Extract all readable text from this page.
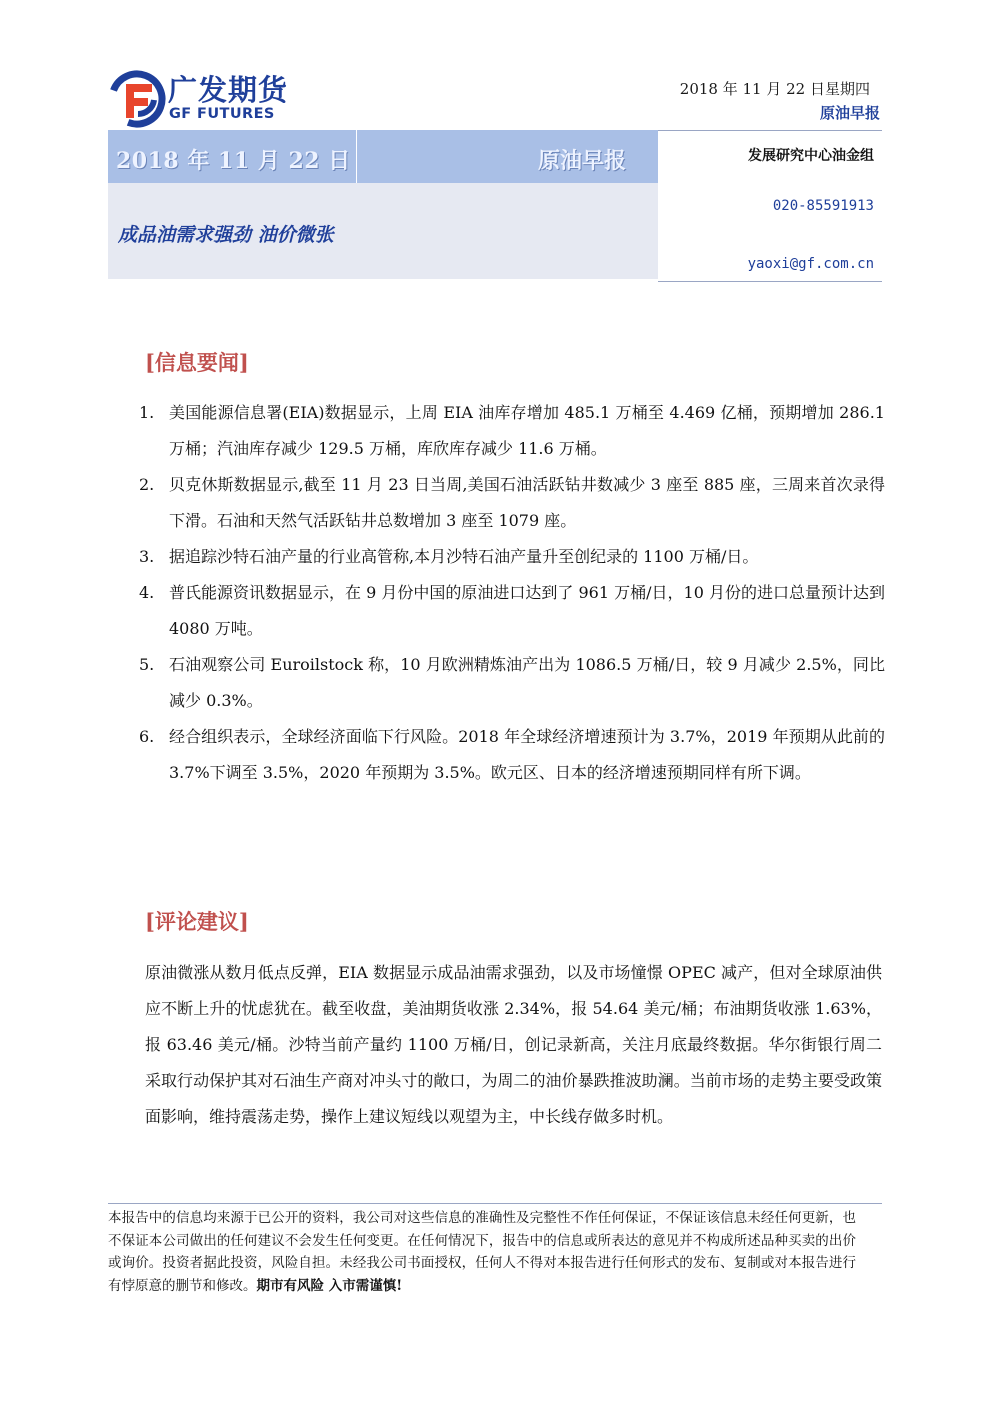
广发期货
GF FUTURES
2018 年 11 月 22 日星期四
原油早报
2018 年 11 月 22 日	原油早报
成品油需求强劲 油价微张
发展研究中心油金组
020-85591913
yaoxi@gf.com.cn
[信息要闻]
1. 美国能源信息署(EIA)数据显示，上周 EIA 油库存增加 485.1 万桶至 4.469 亿桶，预期增加 286.1 万桶；汽油库存减少 129.5 万桶，库欣库存减少 11.6 万桶。
2. 贝克休斯数据显示,截至 11 月 23 日当周,美国石油活跃钻井数减少 3 座至 885 座，三周来首次录得下滑。石油和天然气活跃钻井总数增加 3 座至 1079 座。
3. 据追踪沙特石油产量的行业高管称,本月沙特石油产量升至创纪录的 1100 万桶/日。
4. 普氏能源资讯数据显示，在 9 月份中国的原油进口达到了 961 万桶/日，10 月份的进口总量预计达到 4080 万吨。
5. 石油观察公司 Euroilstock 称，10 月欧洲精炼油产出为 1086.5 万桶/日，较 9 月减少 2.5%，同比减少 0.3%。
6. 经合组织表示，全球经济面临下行风险。2018 年全球经济增速预计为 3.7%，2019 年预期从此前的 3.7%下调至 3.5%，2020 年预期为 3.5%。欧元区、日本的经济增速预期同样有所下调。
[评论建议]
原油微涨从数月低点反弹，EIA 数据显示成品油需求强劲，以及市场憧憬 OPEC 减产，但对全球原油供应不断上升的忧虑犹在。截至收盘，美油期货收涨 2.34%，报 54.64 美元/桶；布油期货收涨 1.63%，报 63.46 美元/桶。沙特当前产量约 1100 万桶/日，创记录新高，关注月底最终数据。华尔街银行周二采取行动保护其对石油生产商对冲头寸的敞口，为周二的油价暴跌推波助澜。当前市场的走势主要受政策面影响，维持震荡走势，操作上建议短线以观望为主，中长线存做多时机。
本报告中的信息均来源于已公开的资料，我公司对这些信息的准确性及完整性不作任何保证，不保证该信息未经任何更新，也不保证本公司做出的任何建议不会发生任何变更。在任何情况下，报告中的信息或所表达的意见并不构成所述品种买卖的出价或询价。投资者据此投资，风险自担。未经我公司书面授权，任何人不得对本报告进行任何形式的发布、复制或对本报告进行有悖原意的删节和修改。期市有风险 入市需谨慎!
